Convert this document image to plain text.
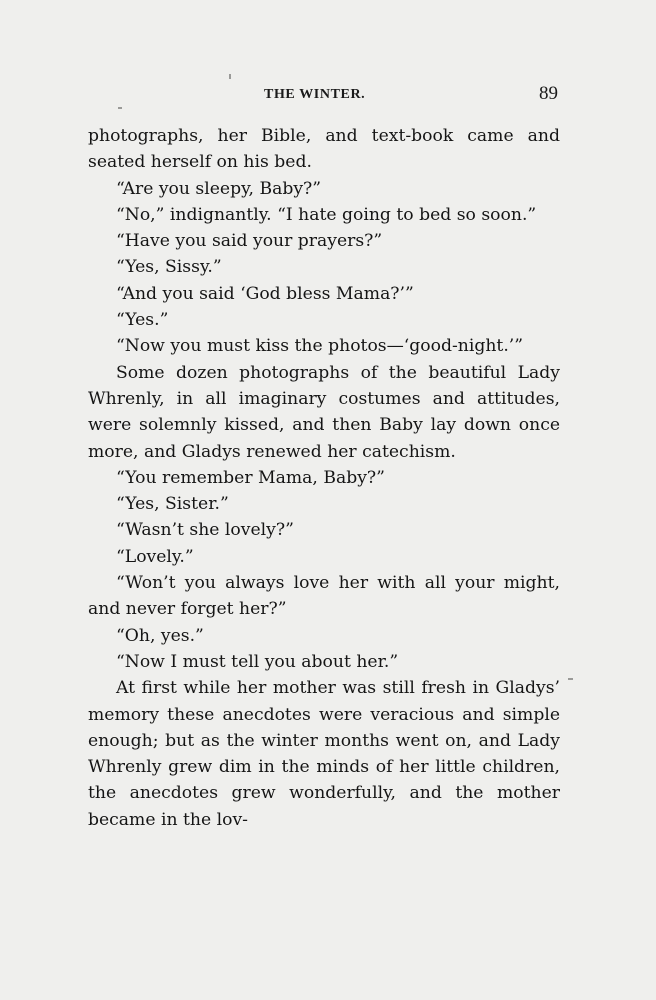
THE WINTER.	89

photographs, her Bible, and text-book came and seated herself on his bed.

“Are you sleepy, Baby?”

“No,” indignantly. “I hate going to bed so soon.”

“Have you said your prayers?”

“Yes, Sissy.”

“And you said ‘God bless Mama?’”

“Yes.”

“Now you must kiss the photos—‘good-night.’”

Some dozen photographs of the beautiful Lady Whrenly, in all imaginary costumes and attitudes, were solemnly kissed, and then Baby lay down once more, and Gladys renewed her catechism.

“You remember Mama, Baby?”

“Yes, Sister.”

“Wasn’t she lovely?”

“Lovely.”

“Won’t you always love her with all your might, and never forget her?”

“Oh, yes.”

“Now I must tell you about her.”

At first while her mother was still fresh in Gladys’ memory these anecdotes were veracious and simple enough; but as the winter months went on, and Lady Whrenly grew dim in the minds of her little children, the anecdotes grew wonderfully, and the mother became in the lov-
